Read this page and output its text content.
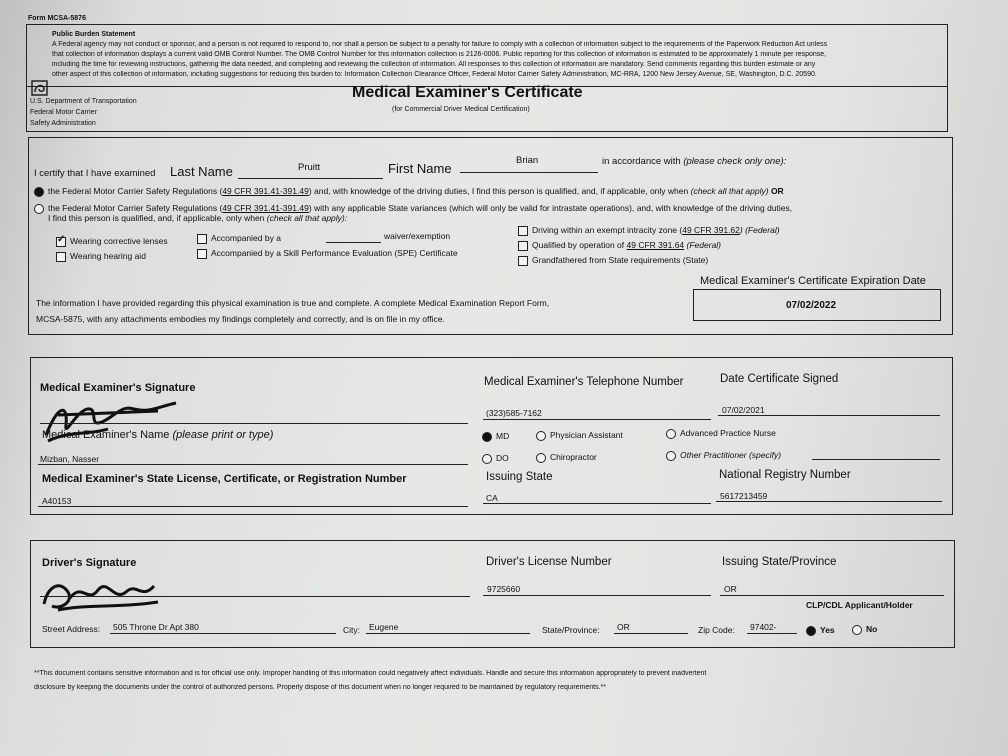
Form MCSA-5876
Public Burden Statement
A Federal agency may not conduct or sponsor, and a person is not required to respond to, nor shall a person be subject to a penalty for failure to comply with a collection of information subject to the requirements of the Paperwork Reduction Act unless
that collection of information displays a current valid OMB Control Number. The OMB Control Number for this information collection is 2126-0006. Public reporting for this collection of information is estimated to be approximately 1 minute per response,
including the time for reviewing instructions, gathering the data needed, and completing and reviewing the collection of information. All responses to this collection of information are mandatory. Send comments regarding this burden estimate or any
other aspect of this collection of information, including suggestions for reducing this burden to: Information Collection Clearance Officer, Federal Motor Carrier Safety Administration, MC-RRA, 1200 New Jersey Avenue, SE, Washington, D.C. 20590.
U.S. Department of Transportation
Federal Motor Carrier
Safety Administration
Medical Examiner's Certificate
(for Commercial Driver Medical Certification)
I certify that I have examined Last Name	Pruitt	First Name
Brian	in accordance with (please check only one):
the Federal Motor Carrier Safety Regulations (49 CFR 391.41-391.49) and, with knowledge of the driving duties, I find this person is qualified, and, if applicable, only when (check all that apply) OR
the Federal Motor Carrier Safety Regulations (49 CFR 391.41-391.49) with any applicable State variances (which will only be valid for intrastate operations), and, with knowledge of the driving duties,
I find this person is qualified, and, if applicable, only when (check all that apply):
✓Wearing corrective lenses
Wearing hearing aid
Accompanied by a	waiver/exemption
Accompanied by a Skill Performance Evaluation (SPE) Certificate
Driving within an exempt intracity zone (49 CFR 391.62) (Federal)
Qualified by operation of 49 CFR 391.64 (Federal)
Grandfathered from State requirements (State)
Medical Examiner's Certificate Expiration Date
07/02/2022
The information I have provided regarding this physical examination is true and complete. A complete Medical Examination Report Form,
MCSA-5875, with any attachments embodies my findings completely and correctly, and is on file in my office.
Medical Examiner's Signature	Medical Examiner's Telephone Number
(323)585-7162
Date Certificate Signed
07/02/2021
Medical Examiner's Name (please print or type)
Mizban, Nasser
MD
DO
Physician Assistant
Chiropractor
Advanced Practice Nurse
Other Practitioner (specify)
Medical Examiner's State License, Certificate, or Registration Number
A40153
Issuing State
CA
National Registry Number
5617213459
Driver's Signature	Driver's License Number
9725660
Issuing State/Province
OR
CLP/CDL Applicant/Holder
Street Address: 505 Throne Dr Apt 380	City: Eugene	State/Province: OR	Zip Code: 97402-	Yes	No
**This document contains sensitive information and is for official use only. Improper handling of this information could negatively affect individuals. Handle and secure this information appropriately to prevent inadvertent
disclosure by keeping the documents under the control of authorized persons. Properly dispose of this document when no longer required to be maintained by regulatory requirements.**
